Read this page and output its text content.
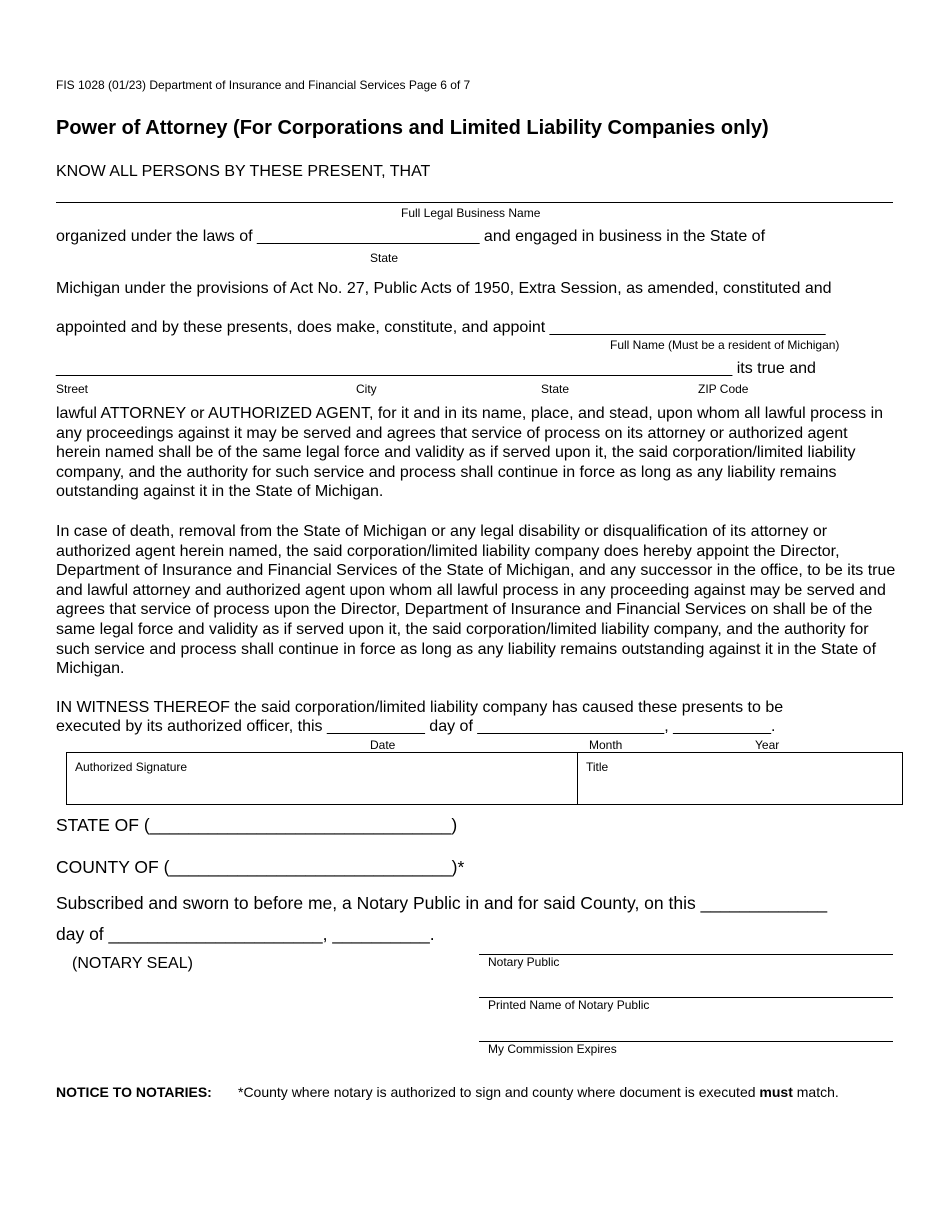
FIS 1028 (01/23) Department of Insurance and Financial Services Page 6 of 7
Power of Attorney (For Corporations and Limited Liability Companies only)
KNOW ALL PERSONS BY THESE PRESENT, THAT
Full Legal Business Name
organized under the laws of _________________________ and engaged in business in the State of
State
Michigan under the provisions of Act No. 27, Public Acts of 1950, Extra Session, as amended, constituted and
appointed and by these presents, does make, constitute, and appoint _______________________________
Full Name (Must be a resident of Michigan)
____________________________________________________________________________ its true and
Street	City	State	ZIP Code
lawful ATTORNEY or AUTHORIZED AGENT, for it and in its name, place, and stead, upon whom all lawful process in any proceedings against it may be served and agrees that service of process on its attorney or authorized agent herein named shall be of the same legal force and validity as if served upon it, the said corporation/limited liability company, and the authority for such service and process shall continue in force as long as any liability remains outstanding against it in the State of Michigan.
In case of death, removal from the State of Michigan or any legal disability or disqualification of its attorney or authorized agent herein named, the said corporation/limited liability company does hereby appoint the Director, Department of Insurance and Financial Services of the State of Michigan, and any successor in the office, to be its true and lawful attorney and authorized agent upon whom all lawful process in any proceeding against may be served and agrees that service of process upon the Director, Department of Insurance and Financial Services on shall be of the same legal force and validity as if served upon it, the said corporation/limited liability company, and the authority for such service and process shall continue in force as long as any liability remains outstanding against it in the State of Michigan.
IN WITNESS THEREOF the said corporation/limited liability company has caused these presents to be
executed by its authorized officer, this ___________ day of _____________________, ___________.
Date	Month	Year
Authorized Signature	Title
STATE OF (_______________________________)
COUNTY OF (_____________________________)*
Subscribed and sworn to before me, a Notary Public in and for said County, on this _____________
day of ______________________, __________.
(NOTARY SEAL)	Notary Public
Printed Name of Notary Public
My Commission Expires
NOTICE TO NOTARIES: *County where notary is authorized to sign and county where document is executed must match.
